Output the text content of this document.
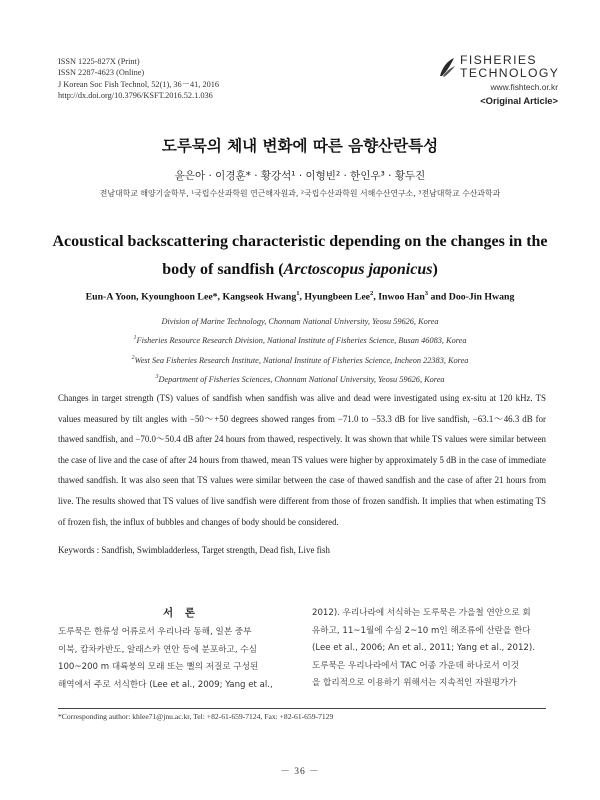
ISSN 1225-827X (Print)
ISSN 2287-4623 (Online)
J Korean Soc Fish Technol, 52(1), 36－41, 2016
http://dx.doi.org/10.3796/KSFT.2016.52.1.036
FISHERIES
TECHNOLOGY
www.fishtech.or.kr
<Original Article>
도루묵의 체내 변화에 따른 음향산란특성
윤은아 · 이경훈* · 황강석¹ · 이형빈² · 한인우³ · 황두진
전남대학교 해양기술학부, ¹국립수산과학원 연근해자원과, ²국립수산과학원 서해수산연구소, ³전남대학교 수산과학과
Acoustical backscattering characteristic depending on the changes in the body of sandfish (Arctoscopus japonicus)
Eun-A Yoon, Kyounghoon Lee*, Kangseok Hwang$^1$, Hyungbeen Lee$^2$, Inwoo Han$^3$ and Doo-Jin Hwang
Division of Marine Technology, Chonnam National University, Yeosu 59626, Korea
$^1$Fisheries Resource Research Division, National Institute of Fisheries Science, Busan 46083, Korea
$^2$West Sea Fisheries Research Institute, National Institute of Fisheries Science, Incheon 22383, Korea
$^3$Department of Fisheries Sciences, Chonnam National University, Yeosu 59626, Korea
Changes in target strength (TS) values of sandfish when sandfish was alive and dead were investigated using ex-situ at 120 kHz. TS values measured by tilt angles with −50～+50 degrees showed ranges from −71.0 to −53.3 dB for live sandfish, −63.1～46.3 dB for thawed sandfish, and −70.0～50.4 dB after 24 hours from thawed, respectively. It was shown that while TS values were similar between the case of live and the case of after 24 hours from thawed, mean TS values were higher by approximately 5 dB in the case of immediate thawed sandfish. It was also seen that TS values were similar between the case of thawed sandfish and the case of after 21 hours from live. The results showed that TS values of live sandfish were different from those of frozen sandfish. It implies that when estimating TS of frozen fish, the influx of bubbles and changes of body should be considered.
Keywords : Sandfish, Swimbladderless, Target strength, Dead fish, Live fish
서 론
도루묵은 한류성 어류로서 우리나라 동해, 일본 중부
이북, 캄차카반도, 알래스카 연안 등에 분포하고, 수심
100~200 m 대륙붕의 모래 또는 뻘의 저질로 구성된
해역에서 주로 서식한다 (Lee et al., 2009; Yang et al.,
2012). 우리나라에 서식하는 도루묵은 가을철 연안으로 회
유하고, 11~1월에 수심 2~10 m인 해조류에 산란을 한다
(Lee et al., 2006; An et al., 2011; Yang et al., 2012).
도루묵은 우리나라에서 TAC 어종 가운데 하나로서 이것
을 합리적으로 이용하기 위해서는 지속적인 자원평가가
*Corresponding author: khlee71@jnu.ac.kr, Tel: +82-61-659-7124, Fax: +82-61-659-7129
－ 36 －
